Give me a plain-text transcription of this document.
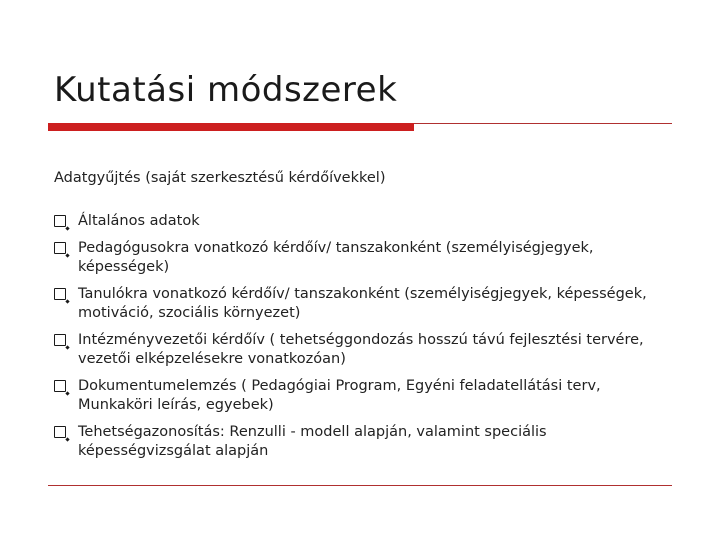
Kutatási módszerek
Adatgyűjtés (saját szerkesztésű kérdőívekkel)
Általános adatok
Pedagógusokra vonatkozó kérdőív/ tanszakonként (személyiségjegyek, képességek)
Tanulókra vonatkozó kérdőív/ tanszakonként (személyiségjegyek, képességek, motiváció, szociális környezet)
Intézményvezetői kérdőív ( tehetséggondozás hosszú távú fejlesztési tervére, vezetői elképzelésekre vonatkozóan)
Dokumentumelemzés ( Pedagógiai Program, Egyéni feladatellátási terv, Munkaköri leírás, egyebek)
Tehetségazonosítás: Renzulli - modell alapján, valamint speciális képességvizsgálat alapján
